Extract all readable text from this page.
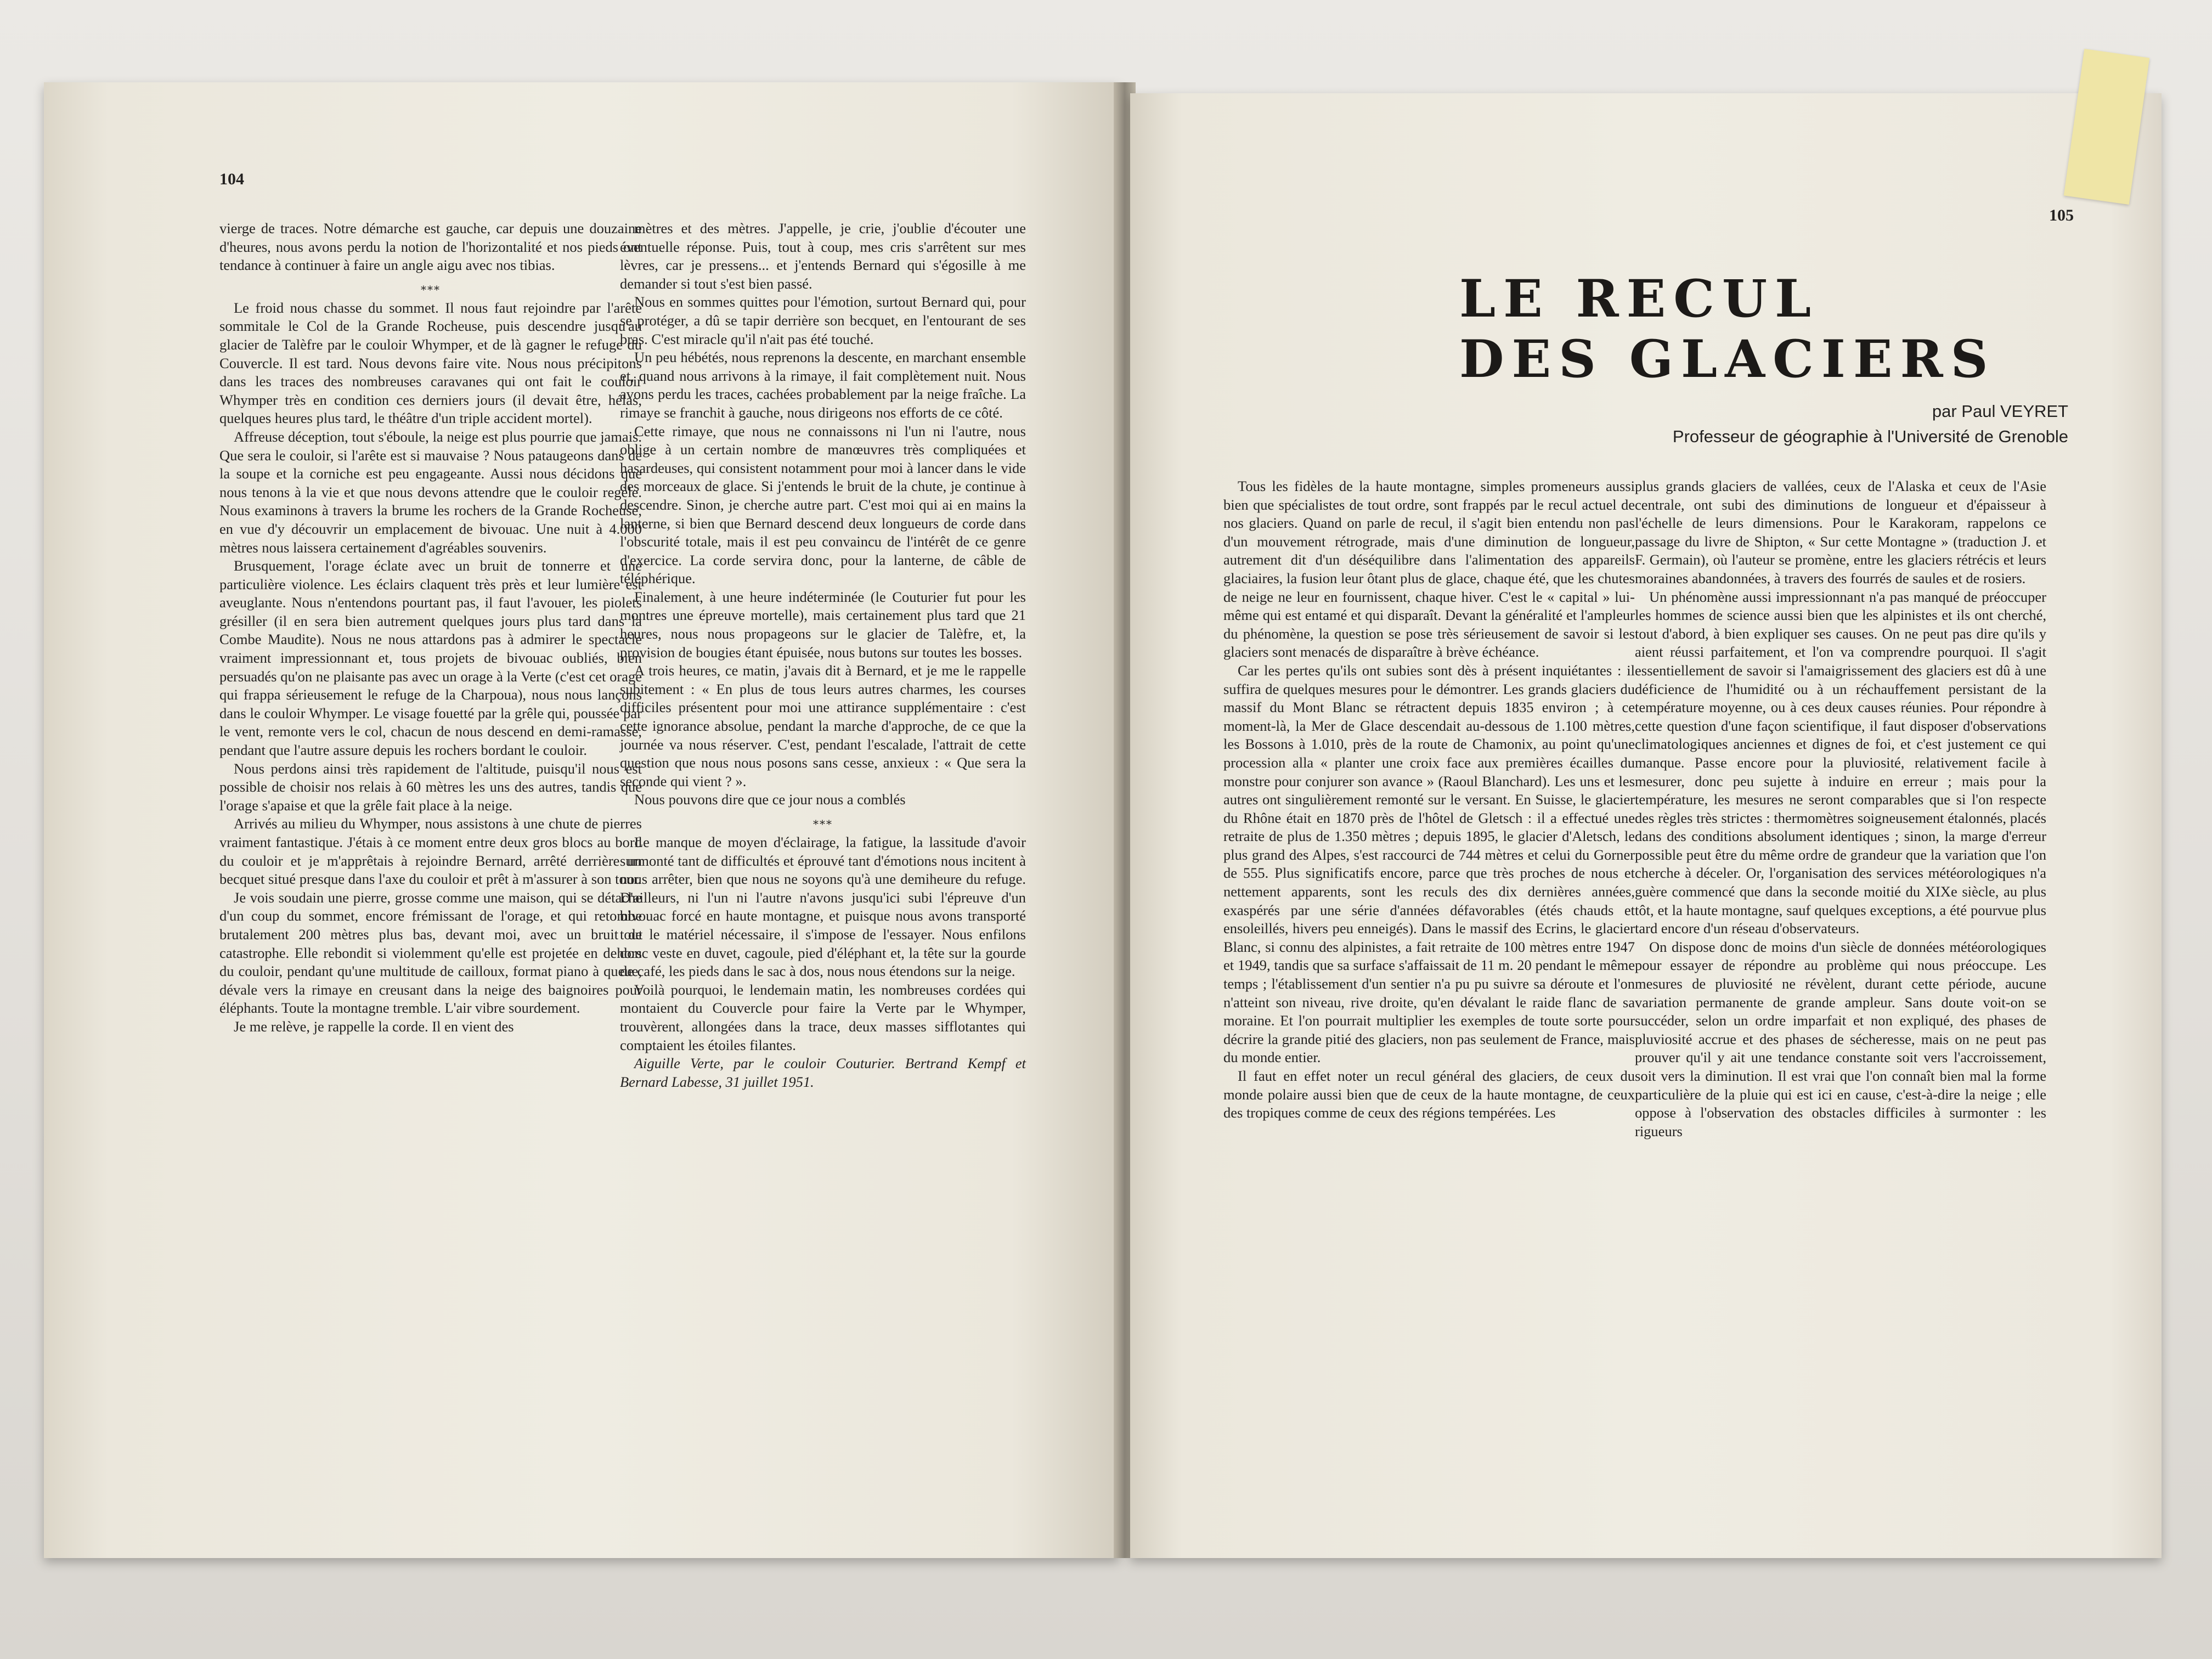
104

vierge de traces. Notre démarche est gauche, car depuis une douzaine d'heures, nous avons perdu la notion de l'horizontalité et nos pieds ont tendance à continuer à faire un angle aigu avec nos tibias.

⁎⁎⁎

Le froid nous chasse du sommet. Il nous faut rejoindre par l'arête sommitale le Col de la Grande Rocheuse, puis descendre jusqu'au glacier de Talèfre par le couloir Whymper, et de là gagner le refuge du Couvercle. Il est tard. Nous devons faire vite. Nous nous précipitons dans les traces des nombreuses caravanes qui ont fait le couloir Whymper très en condition ces derniers jours (il devait être, hélas, quelques heures plus tard, le théâtre d'un triple accident mortel).

Affreuse déception, tout s'éboule, la neige est plus pourrie que jamais. Que sera le couloir, si l'arête est si mauvaise ? Nous pataugeons dans de la soupe et la corniche est peu engageante. Aussi nous décidons que nous tenons à la vie et que nous devons attendre que le couloir regèle. Nous examinons à travers la brume les rochers de la Grande Rocheuse, en vue d'y découvrir un emplacement de bivouac. Une nuit à 4.000 mètres nous laissera certainement d'agréables souvenirs.

Brusquement, l'orage éclate avec un bruit de tonnerre et une particulière violence. Les éclairs claquent très près et leur lumière est aveuglante. Nous n'entendons pourtant pas, il faut l'avouer, les piolets grésiller (il en sera bien autrement quelques jours plus tard dans la Combe Maudite). Nous ne nous attardons pas à admirer le spectacle vraiment impressionnant et, tous projets de bivouac oubliés, bien persuadés qu'on ne plaisante pas avec un orage à la Verte (c'est cet orage qui frappa sérieusement le refuge de la Charpoua), nous nous lançons dans le couloir Whymper. Le visage fouetté par la grêle qui, poussée par le vent, remonte vers le col, chacun de nous descend en demi-ramasse, pendant que l'autre assure depuis les rochers bordant le couloir.

Nous perdons ainsi très rapidement de l'altitude, puisqu'il nous est possible de choisir nos relais à 60 mètres les uns des autres, tandis que l'orage s'apaise et que la grêle fait place à la neige.

Arrivés au milieu du Whymper, nous assistons à une chute de pierres vraiment fantastique. J'étais à ce moment entre deux gros blocs au bord du couloir et je m'apprêtais à rejoindre Bernard, arrêté derrière un becquet situé presque dans l'axe du couloir et prêt à m'assurer à son tour.

Je vois soudain une pierre, grosse comme une maison, qui se détache d'un coup du sommet, encore frémissant de l'orage, et qui retombe brutalement 200 mètres plus bas, devant moi, avec un bruit de catastrophe. Elle rebondit si violemment qu'elle est projetée en dehors du couloir, pendant qu'une multitude de cailloux, format piano à queue, dévale vers la rimaye en creusant dans la neige des baignoires pour éléphants. Toute la montagne tremble. L'air vibre sourdement.

Je me relève, je rappelle la corde. Il en vient des

mètres et des mètres. J'appelle, je crie, j'oublie d'écouter une éventuelle réponse. Puis, tout à coup, mes cris s'arrêtent sur mes lèvres, car je pressens... et j'entends Bernard qui s'égosille à me demander si tout s'est bien passé.

Nous en sommes quittes pour l'émotion, surtout Bernard qui, pour se protéger, a dû se tapir derrière son becquet, en l'entourant de ses bras. C'est miracle qu'il n'ait pas été touché.

Un peu hébétés, nous reprenons la descente, en marchant ensemble et, quand nous arrivons à la rimaye, il fait complètement nuit. Nous avons perdu les traces, cachées probablement par la neige fraîche. La rimaye se franchit à gauche, nous dirigeons nos efforts de ce côté.

Cette rimaye, que nous ne connaissons ni l'un ni l'autre, nous oblige à un certain nombre de manœuvres très compliquées et hasardeuses, qui consistent notamment pour moi à lancer dans le vide des morceaux de glace. Si j'entends le bruit de la chute, je continue à descendre. Sinon, je cherche autre part. C'est moi qui ai en mains la lanterne, si bien que Bernard descend deux longueurs de corde dans l'obscurité totale, mais il est peu convaincu de l'intérêt de ce genre d'exercice. La corde servira donc, pour la lanterne, de câble de téléphérique.

Finalement, à une heure indéterminée (le Couturier fut pour les montres une épreuve mortelle), mais certainement plus tard que 21 heures, nous nous propageons sur le glacier de Talèfre, et, la provision de bougies étant épuisée, nous butons sur toutes les bosses.

A trois heures, ce matin, j'avais dit à Bernard, et je me le rappelle subitement : « En plus de tous leurs autres charmes, les courses difficiles présentent pour moi une attirance supplémentaire : c'est cette ignorance absolue, pendant la marche d'approche, de ce que la journée va nous réserver. C'est, pendant l'escalade, l'attrait de cette question que nous nous posons sans cesse, anxieux : « Que sera la seconde qui vient ? ».

Nous pouvons dire que ce jour nous a comblés

⁎⁎⁎

Le manque de moyen d'éclairage, la fatigue, la lassitude d'avoir surmonté tant de difficultés et éprouvé tant d'émotions nous incitent à nous arrêter, bien que nous ne soyons qu'à une demiheure du refuge. D'ailleurs, ni l'un ni l'autre n'avons jusqu'ici subi l'épreuve d'un bivouac forcé en haute montagne, et puisque nous avons transporté tout le matériel nécessaire, il s'impose de l'essayer. Nous enfilons donc veste en duvet, cagoule, pied d'éléphant et, la tête sur la gourde de café, les pieds dans le sac à dos, nous nous étendons sur la neige.

Voilà pourquoi, le lendemain matin, les nombreuses cordées qui montaient du Couvercle pour faire la Verte par le Whymper, trouvèrent, allongées dans la trace, deux masses sifflotantes qui comptaient les étoiles filantes.

Aiguille Verte, par le couloir Couturier. Bertrand Kempf et Bernard Labesse, 31 juillet 1951.

105
LE RECUL
DES GLACIERS

par Paul VEYRET

Professeur de géographie à l'Université de Grenoble

Tous les fidèles de la haute montagne, simples promeneurs aussi bien que spécialistes de tout ordre, sont frappés par le recul actuel de nos glaciers. Quand on parle de recul, il s'agit bien entendu non pas d'un mouvement rétrograde, mais d'une diminution de longueur, autrement dit d'un déséquilibre dans l'alimentation des appareils glaciaires, la fusion leur ôtant plus de glace, chaque été, que les chutes de neige ne leur en fournissent, chaque hiver. C'est le « capital » lui-même qui est entamé et qui disparaît. Devant la généralité et l'ampleur du phénomène, la question se pose très sérieusement de savoir si les glaciers sont menacés de disparaître à brève échéance.

Car les pertes qu'ils ont subies sont dès à présent inquiétantes : il suffira de quelques mesures pour le démontrer. Les grands glaciers du massif du Mont Blanc se rétractent depuis 1835 environ ; à ce moment-là, la Mer de Glace descendait au-dessous de 1.100 mètres, les Bossons à 1.010, près de la route de Chamonix, au point qu'une procession alla « planter une croix face aux premières écailles du monstre pour conjurer son avance » (Raoul Blanchard). Les uns et les autres ont singulièrement remonté sur le versant. En Suisse, le glacier du Rhône était en 1870 près de l'hôtel de Gletsch : il a effectué une retraite de plus de 1.350 mètres ; depuis 1895, le glacier d'Aletsch, le plus grand des Alpes, s'est raccourci de 744 mètres et celui du Gorner de 555. Plus significatifs encore, parce que très proches de nous et nettement apparents, sont les reculs des dix dernières années, exaspérés par une série d'années défavorables (étés chauds et ensoleillés, hivers peu enneigés). Dans le massif des Ecrins, le glacier Blanc, si connu des alpinistes, a fait retraite de 100 mètres entre 1947 et 1949, tandis que sa surface s'affaissait de 11 m. 20 pendant le même temps ; l'établissement d'un sentier n'a pu pu suivre sa déroute et l'on n'atteint son niveau, rive droite, qu'en dévalant le raide flanc de sa moraine. Et l'on pourrait multiplier les exemples de toute sorte pour décrire la grande pitié des glaciers, non pas seulement de France, mais du monde entier.

Il faut en effet noter un recul général des glaciers, de ceux du monde polaire aussi bien que de ceux de la haute montagne, de ceux des tropiques comme de ceux des régions tempérées. Les

plus grands glaciers de vallées, ceux de l'Alaska et ceux de l'Asie centrale, ont subi des diminutions de longueur et d'épaisseur à l'échelle de leurs dimensions. Pour le Karakoram, rappelons ce passage du livre de Shipton, « Sur cette Montagne » (traduction J. et F. Germain), où l'auteur se promène, entre les glaciers rétrécis et leurs moraines abandonnées, à travers des fourrés de saules et de rosiers.

Un phénomène aussi impressionnant n'a pas manqué de préoccuper les hommes de science aussi bien que les alpinistes et ils ont cherché, tout d'abord, à bien expliquer ses causes. On ne peut pas dire qu'ils y aient réussi parfaitement, et l'on va comprendre pourquoi. Il s'agit essentiellement de savoir si l'amaigrissement des glaciers est dû à une déficience de l'humidité ou à un réchauffement persistant de la température moyenne, ou à ces deux causes réunies. Pour répondre à cette question d'une façon scientifique, il faut disposer d'observations climatologiques anciennes et dignes de foi, et c'est justement ce qui manque. Passe encore pour la pluviosité, relativement facile à mesurer, donc peu sujette à induire en erreur ; mais pour la température, les mesures ne seront comparables que si l'on respecte des règles très strictes : thermomètres soigneusement étalonnés, placés dans des conditions absolument identiques ; sinon, la marge d'erreur possible peut être du même ordre de grandeur que la variation que l'on cherche à déceler. Or, l'organisation des services météorologiques n'a guère commencé que dans la seconde moitié du XIXe siècle, au plus tôt, et la haute montagne, sauf quelques exceptions, a été pourvue plus tard encore d'un réseau d'observateurs.

On dispose donc de moins d'un siècle de données météorologiques pour essayer de répondre au problème qui nous préoccupe. Les mesures de pluviosité ne révèlent, durant cette période, aucune variation permanente de grande ampleur. Sans doute voit-on se succéder, selon un ordre imparfait et non expliqué, des phases de pluviosité accrue et des phases de sécheresse, mais on ne peut pas prouver qu'il y ait une tendance constante soit vers l'accroissement, soit vers la diminution. Il est vrai que l'on connaît bien mal la forme particulière de la pluie qui est ici en cause, c'est-à-dire la neige ; elle oppose à l'observation des obstacles difficiles à surmonter : les rigueurs
